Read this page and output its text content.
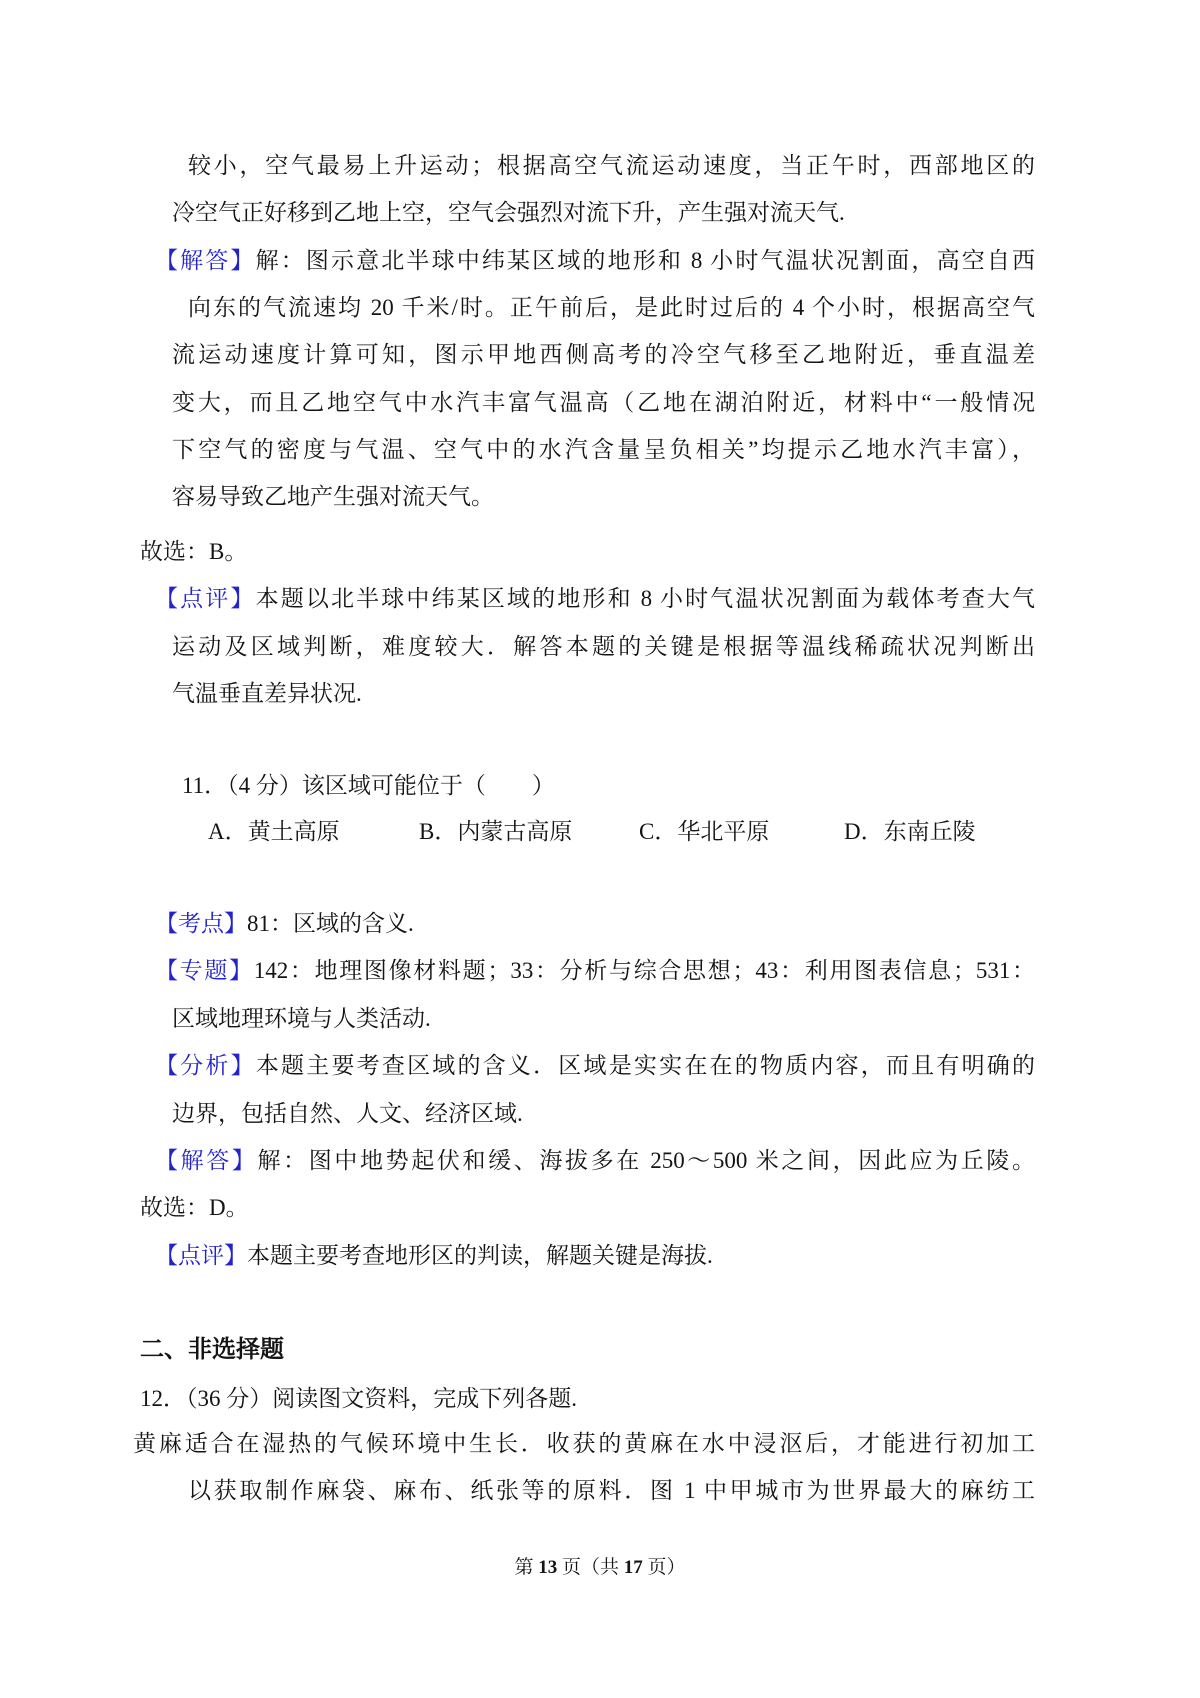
较小，空气最易上升运动；根据高空气流运动速度，当正午时，西部地区的
冷空气正好移到乙地上空，空气会强烈对流下升，产生强对流天气.
【解答】解：图示意北半球中纬某区域的地形和 8 小时气温状况割面，高空自西
向东的气流速均 20 千米/时。正午前后，是此时过后的 4 个小时，根据高空气
流运动速度计算可知，图示甲地西侧高考的冷空气移至乙地附近，垂直温差
变大，而且乙地空气中水汽丰富气温高（乙地在湖泊附近，材料中“一般情况
下空气的密度与气温、空气中的水汽含量呈负相关”均提示乙地水汽丰富），
容易导致乙地产生强对流天气。
故选：B。
【点评】本题以北半球中纬某区域的地形和 8 小时气温状况割面为载体考查大气
运动及区域判断，难度较大．解答本题的关键是根据等温线稀疏状况判断出
气温垂直差异状况.
11．（4 分）该区域可能位于（　　）
A．黄土高原	B．内蒙古高原	C．华北平原	D．东南丘陵
【考点】81：区域的含义.
【专题】142：地理图像材料题；33：分析与综合思想；43：利用图表信息；531：
区域地理环境与人类活动.
【分析】本题主要考查区域的含义．区域是实实在在的物质内容，而且有明确的
边界，包括自然、人文、经济区域.
【解答】解：图中地势起伏和缓、海拔多在 250～500 米之间，因此应为丘陵。
故选：D。
【点评】本题主要考查地形区的判读，解题关键是海拔.
二、非选择题
12．（36 分）阅读图文资料，完成下列各题.
黄麻适合在湿热的气候环境中生长．收获的黄麻在水中浸沤后，才能进行初加工
以获取制作麻袋、麻布、纸张等的原料．图 1 中甲城市为世界最大的麻纺工
第 13 页（共 17 页）
